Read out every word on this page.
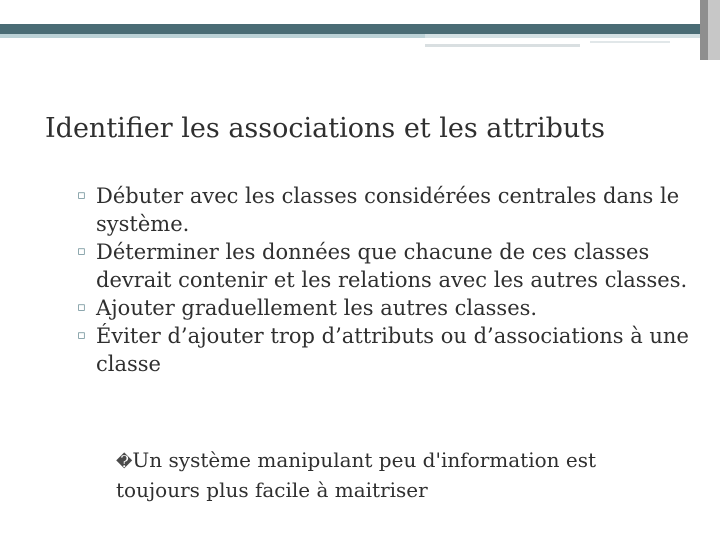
Identifier les associations et les attributs
▫ Débuter avec les classes considérées centrales dans le système.
▫ Déterminer les données que chacune de ces classes devrait contenir et les relations avec les autres classes.
▫ Ajouter graduellement les autres classes.
▫ Éviter d’ajouter trop d’attributs ou d’associations à une classe
�Un système manipulant peu d'information est toujours plus facile à maitriser
